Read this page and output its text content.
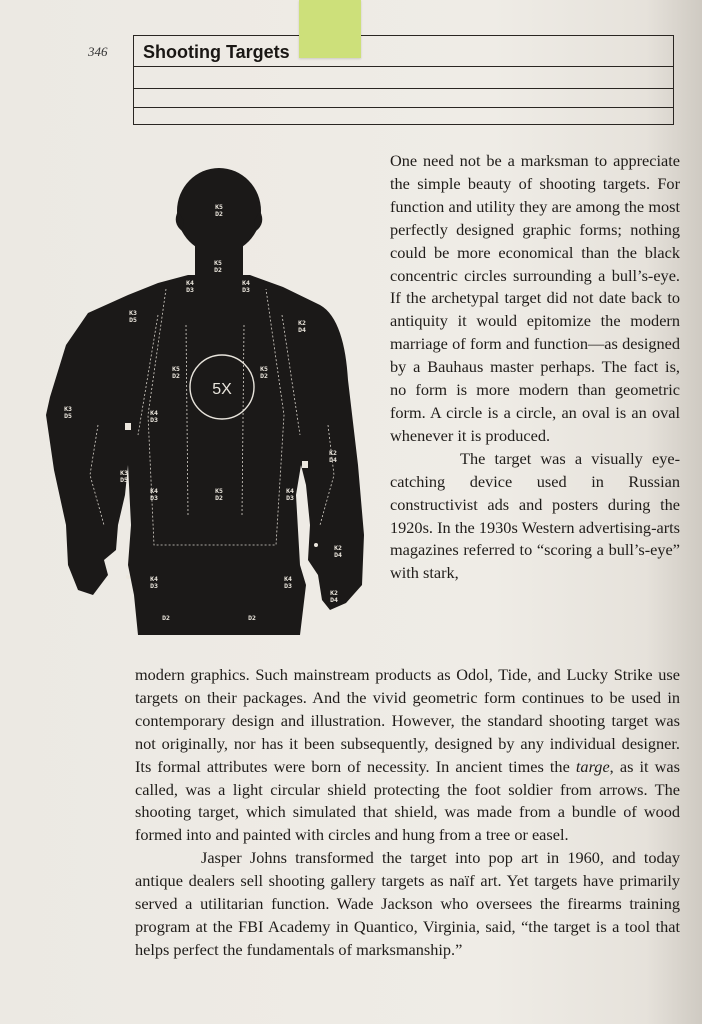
346 Shooting Targets
5X
K5 D2
K5 D2
K4 D3
K4 D3
K3 D5	K2 D4
K5 D2
K5 D2
K3 D5	K4 D3
K2 D4
K3 D5
K4 D3
K5 D2
K4 D3
K2 D4
K4 D3
K4 D3
K2 D4
D2	D2

One need not be a marksman to appreciate the simple beauty of shooting targets. For function and utility they are among the most perfectly designed graphic forms; nothing could be more economical than the black concentric circles surrounding a bull’s-eye. If the archetypal target did not date back to antiquity it would epitomize the modern marriage of form and function—as designed by a Bauhaus master perhaps. The fact is, no form is more modern than geometric form. A circle is a circle, an oval is an oval whenever it is produced.

The target was a visually eye-catching device used in Russian constructivist ads and posters during the 1920s. In the 1930s Western advertising-arts magazines referred to “scoring a bull’s-eye” with stark,

modern graphics. Such mainstream products as Odol, Tide, and Lucky Strike use targets on their packages. And the vivid geometric form continues to be used in contemporary design and illustration. However, the standard shooting target was not originally, nor has it been subsequently, designed by any individual designer. Its formal attributes were born of necessity. In ancient times the targe, as it was called, was a light circular shield protecting the foot soldier from arrows. The shooting target, which simulated that shield, was made from a bundle of wood formed into and painted with circles and hung from a tree or easel.

Jasper Johns transformed the target into pop art in 1960, and today antique dealers sell shooting gallery targets as naïf art. Yet targets have primarily served a utilitarian function. Wade Jackson who oversees the firearms training program at the FBI Academy in Quantico, Virginia, said, “the target is a tool that helps perfect the fundamentals of marksmanship.”
